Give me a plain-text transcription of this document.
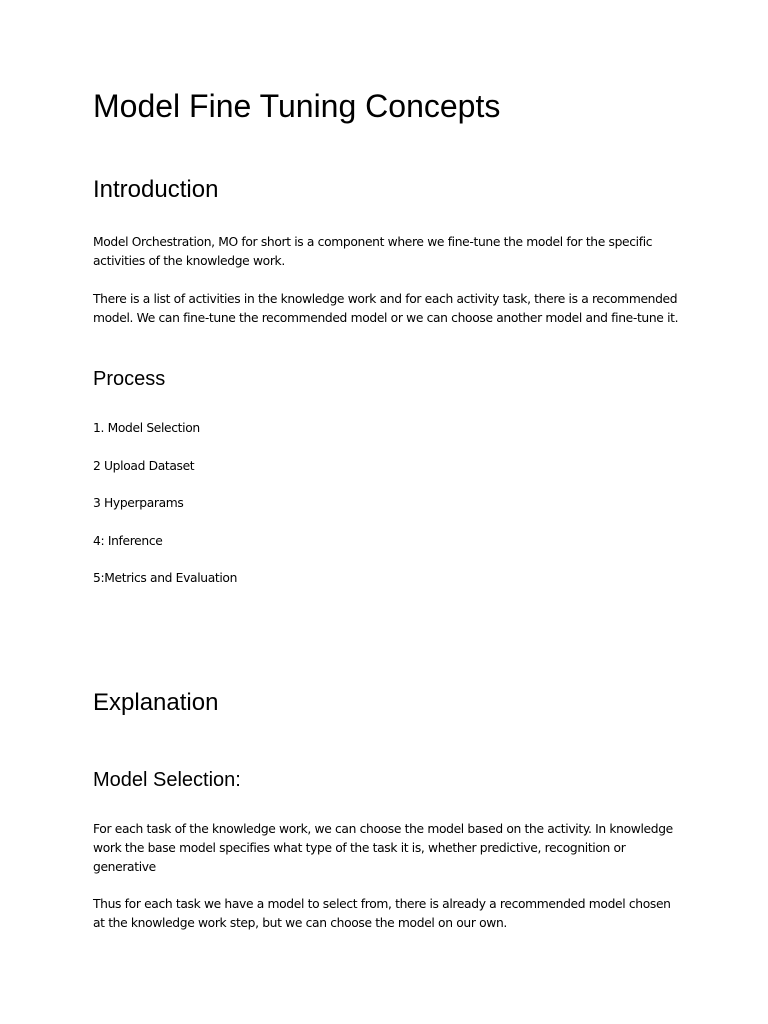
Model Fine Tuning Concepts
Introduction

Model Orchestration, MO for short is a component where we fine-tune the model for the specific activities of the knowledge work.

There is a list of activities in the knowledge work and for each activity task, there is a recommended model. We can fine-tune the recommended model or we can choose another model and fine-tune it.

Process

1. Model Selection

2 Upload Dataset

3 Hyperparams

4: Inference

5:Metrics and Evaluation

Explanation
Model Selection:

For each task of the knowledge work, we can choose the model based on the activity. In knowledge work the base model specifies what type of the task it is, whether predictive, recognition or generative

Thus for each task we have a model to select from, there is already a recommended model chosen at the knowledge work step, but we can choose the model on our own.
